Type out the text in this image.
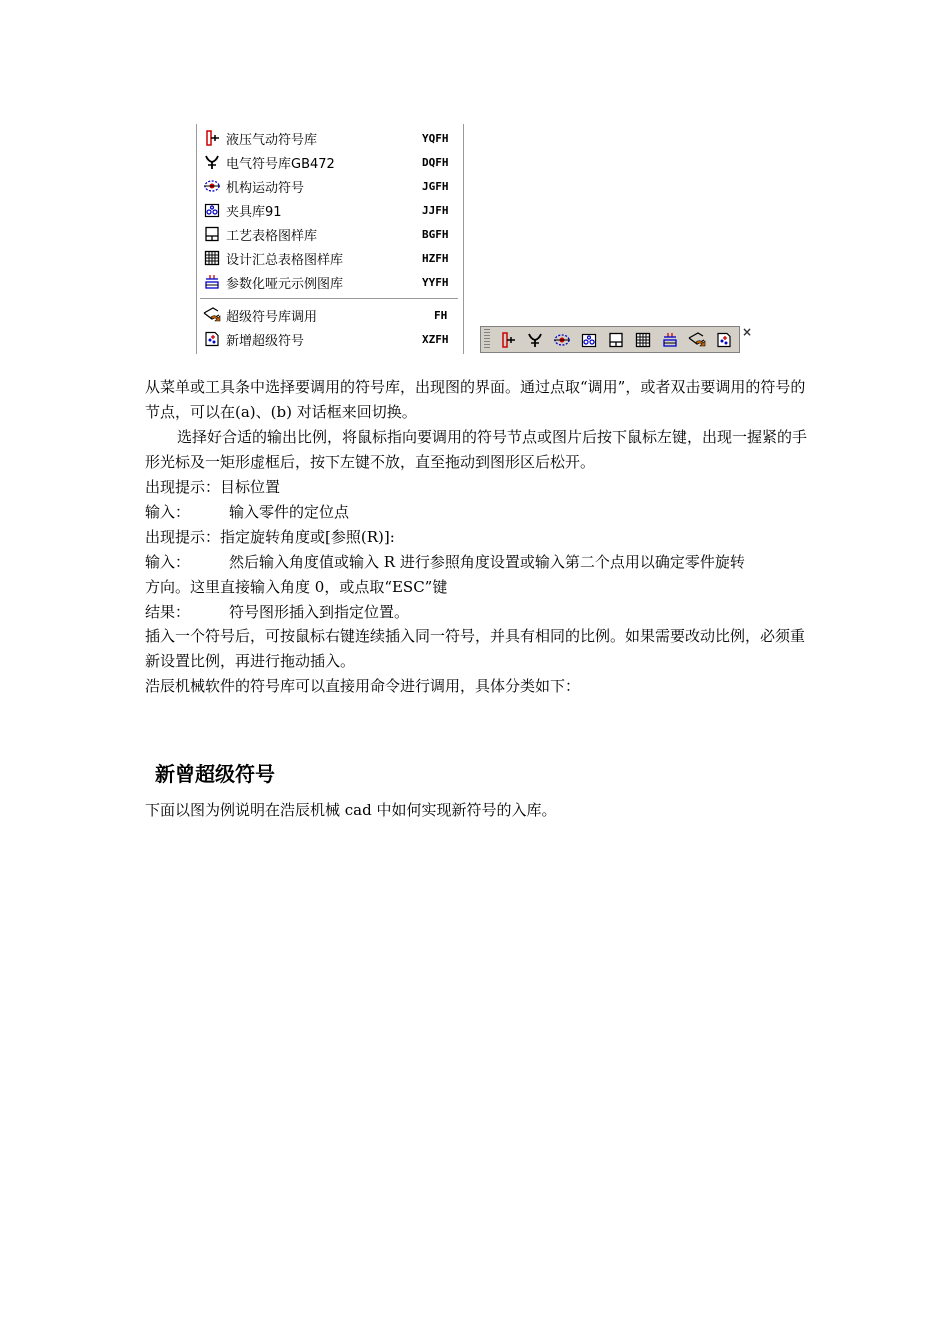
液压气动符号库	YQFH
电气符号库GB472	DQFH
机构运动符号	JGFH
夹具库91	JJFH
工艺表格图样库	BGFH
设计汇总表格图样库	HZFH
参数化哑元示例图库	YYFH
超级符号库调用	FH
新增超级符号	XZFH	×
从菜单或工具条中选择要调用的符号库，出现图的界面。通过点取“调用”，或者双击要调用的符号的节点，可以在(a)、(b) 对话框来回切换。
选择好合适的输出比例，将鼠标指向要调用的符号节点或图片后按下鼠标左键，出现一握紧的手形光标及一矩形虚框后，按下左键不放，直至拖动到图形区后松开。
出现提示：目标位置
输入：	输入零件的定位点
出现提示：指定旋转角度或[参照(R)]:
输入：	然后输入角度值或输入 R 进行参照角度设置或输入第二个点用以确定零件旋转
方向。这里直接输入角度 0，或点取“ESC”键
结果：	符号图形插入到指定位置。
插入一个符号后，可按鼠标右键连续插入同一符号，并具有相同的比例。如果需要改动比例，必须重新设置比例，再进行拖动插入。
浩辰机械软件的符号库可以直接用命令进行调用，具体分类如下：
新曾超级符号
下面以图为例说明在浩辰机械 cad 中如何实现新符号的入库。
